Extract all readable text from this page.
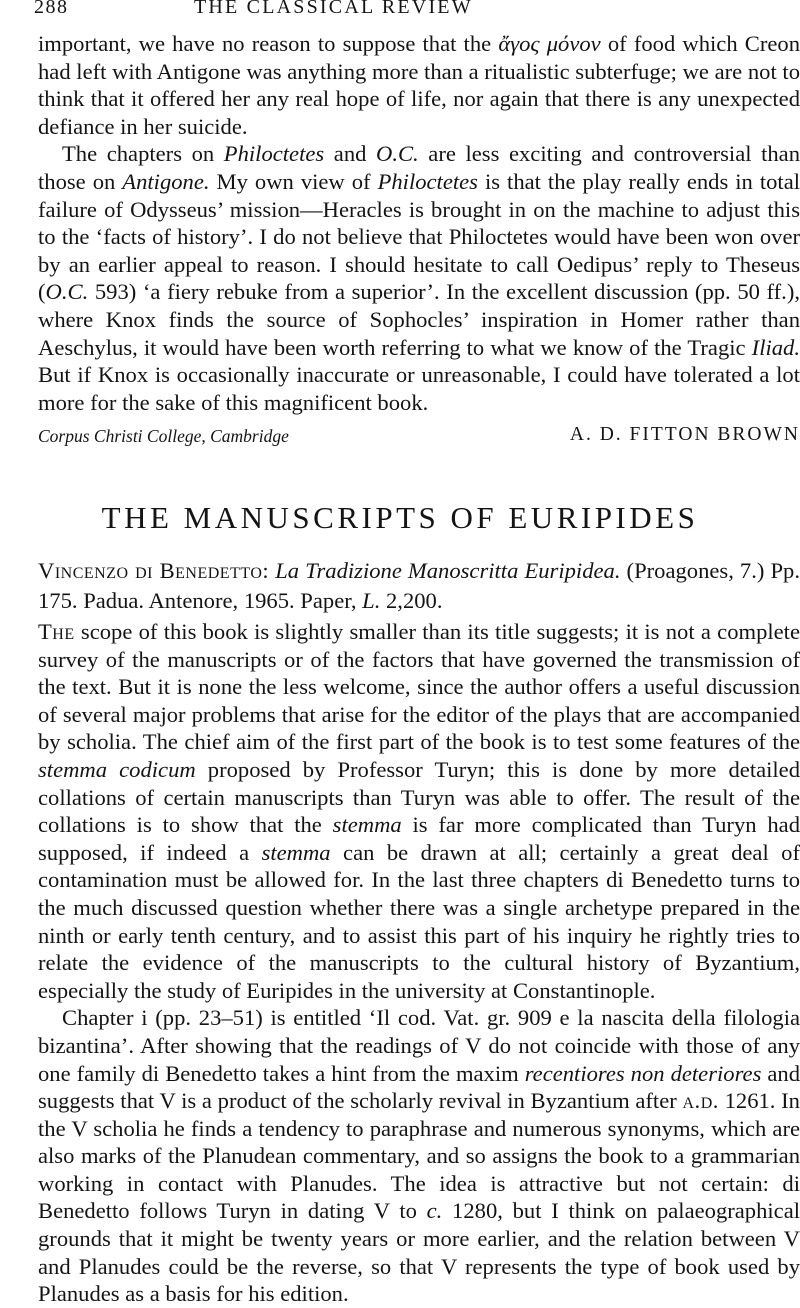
288	THE CLASSICAL REVIEW

important, we have no reason to suppose that the ἄγος μόνον of food which Creon had left with Antigone was anything more than a ritualistic subterfuge; we are not to think that it offered her any real hope of life, nor again that there is any unexpected defiance in her suicide.

The chapters on Philoctetes and O.C. are less exciting and controversial than those on Antigone. My own view of Philoctetes is that the play really ends in total failure of Odysseus’ mission—Heracles is brought in on the machine to adjust this to the ‘facts of history’. I do not believe that Philoctetes would have been won over by an earlier appeal to reason. I should hesitate to call Oedipus’ reply to Theseus (O.C. 593) ‘a fiery rebuke from a superior’. In the excellent discussion (pp. 50 ff.), where Knox finds the source of Sophocles’ inspiration in Homer rather than Aeschylus, it would have been worth referring to what we know of the Tragic Iliad. But if Knox is occasionally inaccurate or unreasonable, I could have tolerated a lot more for the sake of this magnificent book.

Corpus Christi College, Cambridge	A. D. FITTON BROWN
THE MANUSCRIPTS OF EURIPIDES
Vincenzo di Benedetto: La Tradizione Manoscritta Euripidea. (Proagones, 7.) Pp. 175. Padua. Antenore, 1965. Paper, L. 2,200.

The scope of this book is slightly smaller than its title suggests; it is not a complete survey of the manuscripts or of the factors that have governed the transmission of the text. But it is none the less welcome, since the author offers a useful discussion of several major problems that arise for the editor of the plays that are accompanied by scholia. The chief aim of the first part of the book is to test some features of the stemma codicum proposed by Professor Turyn; this is done by more detailed collations of certain manuscripts than Turyn was able to offer. The result of the collations is to show that the stemma is far more complicated than Turyn had supposed, if indeed a stemma can be drawn at all; certainly a great deal of contamination must be allowed for. In the last three chapters di Benedetto turns to the much discussed question whether there was a single archetype prepared in the ninth or early tenth century, and to assist this part of his inquiry he rightly tries to relate the evidence of the manuscripts to the cultural history of Byzantium, especially the study of Euripides in the university at Constantinople.

Chapter i (pp. 23–51) is entitled ‘Il cod. Vat. gr. 909 e la nascita della filologia bizantina’. After showing that the readings of V do not coincide with those of any one family di Benedetto takes a hint from the maxim recentiores non deteriores and suggests that V is a product of the scholarly revival in Byzantium after a.d. 1261. In the V scholia he finds a tendency to paraphrase and numerous synonyms, which are also marks of the Planudean commentary, and so assigns the book to a grammarian working in contact with Planudes. The idea is attractive but not certain: di Benedetto follows Turyn in dating V to c. 1280, but I think on palaeographical grounds that it might be twenty years or more earlier, and the relation between V and Planudes could be the reverse, so that V represents the type of book used by Planudes as a basis for his edition.
